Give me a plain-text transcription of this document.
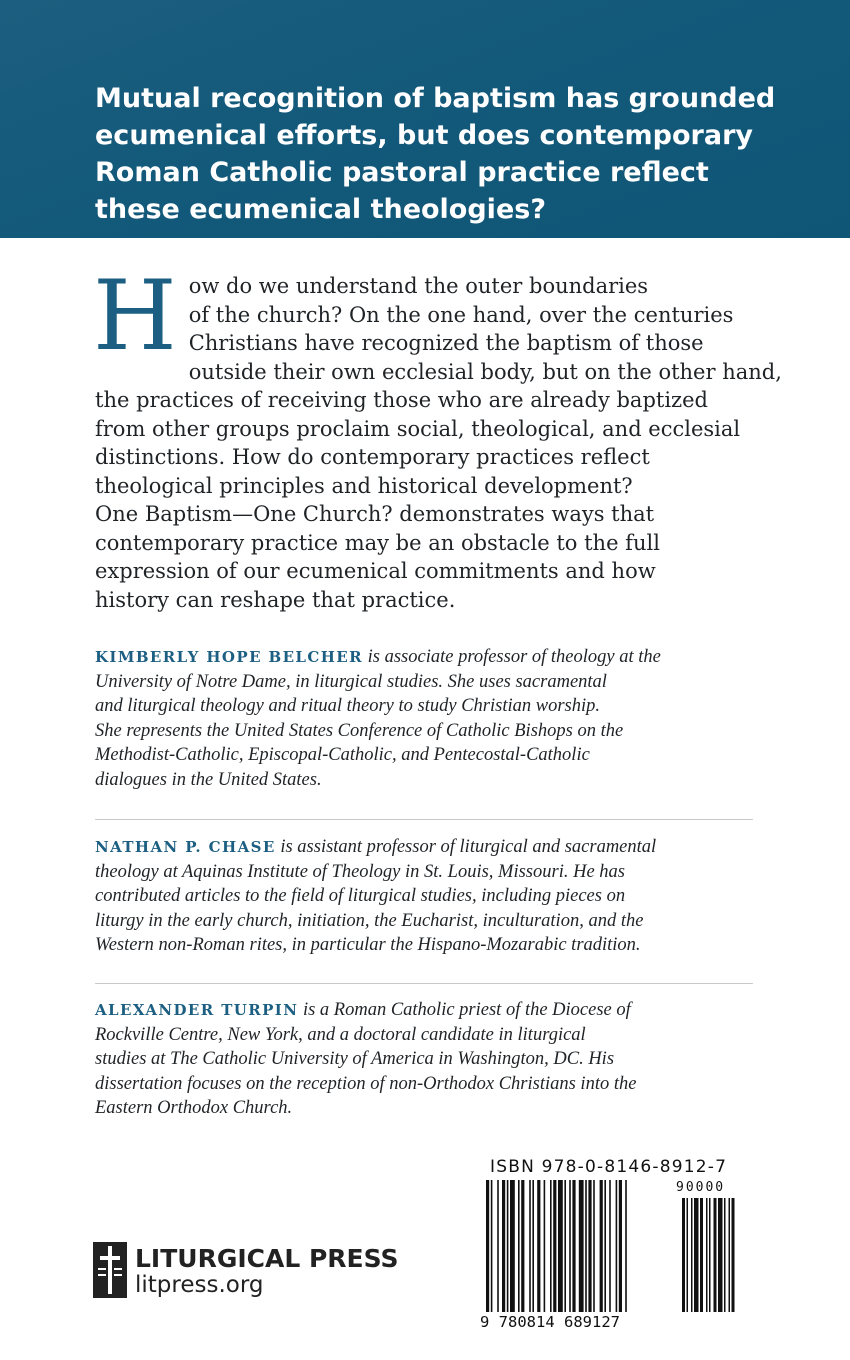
Mutual recognition of baptism has grounded
ecumenical efforts, but does contemporary
Roman Catholic pastoral practice reflect
these ecumenical theologies?

H ow do we understand the outer boundaries
of the church? On the one hand, over the centuries
Christians have recognized the baptism of those
outside their own ecclesial body, but on the other hand,
the practices of receiving those who are already baptized
from other groups proclaim social, theological, and ecclesial
distinctions. How do contemporary practices reflect
theological principles and historical development?
One Baptism—One Church? demonstrates ways that
contemporary practice may be an obstacle to the full
expression of our ecumenical commitments and how
history can reshape that practice.
KIMBERLY HOPE BELCHER is associate professor of theology at the
University of Notre Dame, in liturgical studies. She uses sacramental
and liturgical theology and ritual theory to study Christian worship.
She represents the United States Conference of Catholic Bishops on the
Methodist-Catholic, Episcopal-Catholic, and Pentecostal-Catholic
dialogues in the United States.
NATHAN P. CHASE is assistant professor of liturgical and sacramental
theology at Aquinas Institute of Theology in St. Louis, Missouri. He has
contributed articles to the field of liturgical studies, including pieces on
liturgy in the early church, initiation, the Eucharist, inculturation, and the
Western non-Roman rites, in particular the Hispano-Mozarabic tradition.
ALEXANDER TURPIN is a Roman Catholic priest of the Diocese of
Rockville Centre, New York, and a doctoral candidate in liturgical
studies at The Catholic University of America in Washington, DC. His
dissertation focuses on the reception of non-Orthodox Christians into the
Eastern Orthodox Church.
LITURGICAL PRESS
litpress.org
ISBN 978-0-8146-8912-7
90000
9 780814 689127
